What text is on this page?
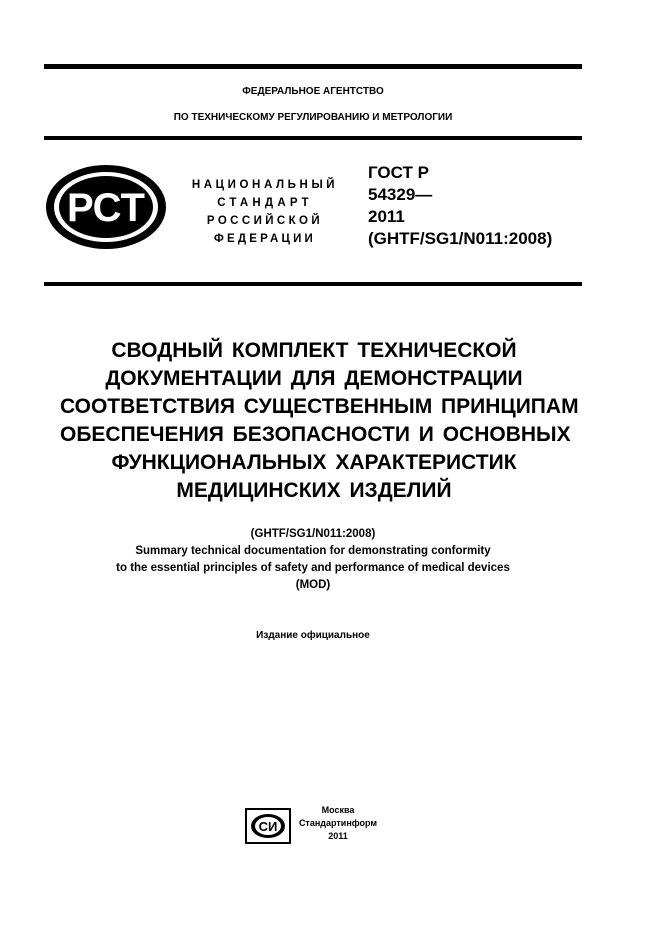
ФЕДЕРАЛЬНОЕ АГЕНТСТВО
ПО ТЕХНИЧЕСКОМУ РЕГУЛИРОВАНИЮ И МЕТРОЛОГИИ
РСТ
НАЦИОНАЛЬНЫЙ
СТАНДАРТ
РОССИЙСКОЙ
ФЕДЕРАЦИИ
ГОСТ Р
54329—
2011
(GHTF/SG1/N011:2008)
СВОДНЫЙ КОМПЛЕКТ ТЕХНИЧЕСКОЙ
ДОКУМЕНТАЦИИ ДЛЯ ДЕМОНСТРАЦИИ
СООТВЕТСТВИЯ СУЩЕСТВЕННЫМ ПРИНЦИПАМ
ОБЕСПЕЧЕНИЯ БЕЗОПАСНОСТИ И ОСНОВНЫХ
ФУНКЦИОНАЛЬНЫХ ХАРАКТЕРИСТИК
МЕДИЦИНСКИХ ИЗДЕЛИЙ
(GHTF/SG1/N011:2008)
Summary technical documentation for demonstrating conformity
to the essential principles of safety and performance of medical devices
(MOD)
Издание официальное
СИ
Москва
Стандартинформ
2011
